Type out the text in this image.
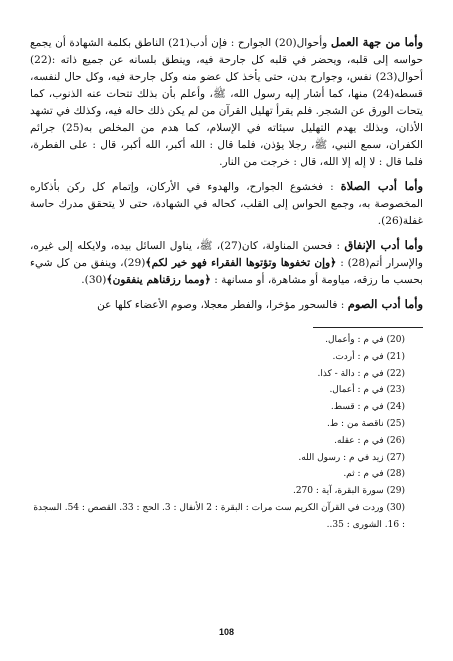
وأما من جهة العمل وأحوال(20) الجوارح : فإن أدب(21) الناطق بكلمة الشهادة أن يجمع حواسه إلى قلبه، ويحضر في قلبه كل جارحة فيه، وينطق بلسانه عن جميع ذاته :(22) أحوال(23) نفس، وجوارح بدن، حتى يأخذ كل عضو منه وكل جارحة فيه، وكل حال لنفسه، قسطه(24) منها، كما أشار إليه رسول الله، ﷺ، وأعلم بأن بذلك تتحات عنه الذنوب، كما يتحات الورق عن الشجر. فلم يقرأ تهليل القرآن من لم يكن ذلك حاله فيه، وكذلك في تشهد الأذان، وبذلك يهدم التهليل سيئاته في الإسلام، كما هدم من المخلص به(25) جرائم الكفران، سمع النبي، ﷺ، رجلا يؤذن، فلما قال : الله أكبر، الله أكبر، قال : على الفطرة، فلما قال : لا إله إلا الله، قال : خرجت من النار.

وأما أدب الصلاة : فخشوع الجوارح، والهدوء في الأركان، وإتمام كل ركن بأذكاره المخصوصة به، وجمع الحواس إلى القلب، كحاله في الشهادة، حتى لا يتحقق مدرك حاسة غفلة(26).

وأما أدب الإنفاق : فحسن المناولة، كان(27)، ﷺ، يناول السائل بيده، ولايكله إلى غيره، والإسرار أتم(28) : ﴿وإن تخفوها وتؤتوها الفقراء فهو خير لكم﴾(29)، وينفق من كل شيء بحسب ما رزقه، مياومة أو مشاهرة، أو مسانهة : ﴿ومما رزقناهم ينفقون﴾(30).

وأما أدب الصوم : فالسحور مؤخرا، والفطر معجلا، وصوم الأعضاء كلها عن

(20) في م : وأعمال.
(21) في م : أردت.
(22) في م : دالة - كذا.
(23) في م : أعمال.
(24) في م : قسط.
(25) ناقصة من : ط.
(26) في م : عقله.
(27) زيد في م : رسول الله.
(28) في م : ثم.
(29) سورة البقرة، آية : 270.
(30) وردت في القرآن الكريم ست مرات : البقرة : 2 الأنفال : 3. الحج : 33. القصص : 54. السجدة : 16. الشورى : 35..
108
